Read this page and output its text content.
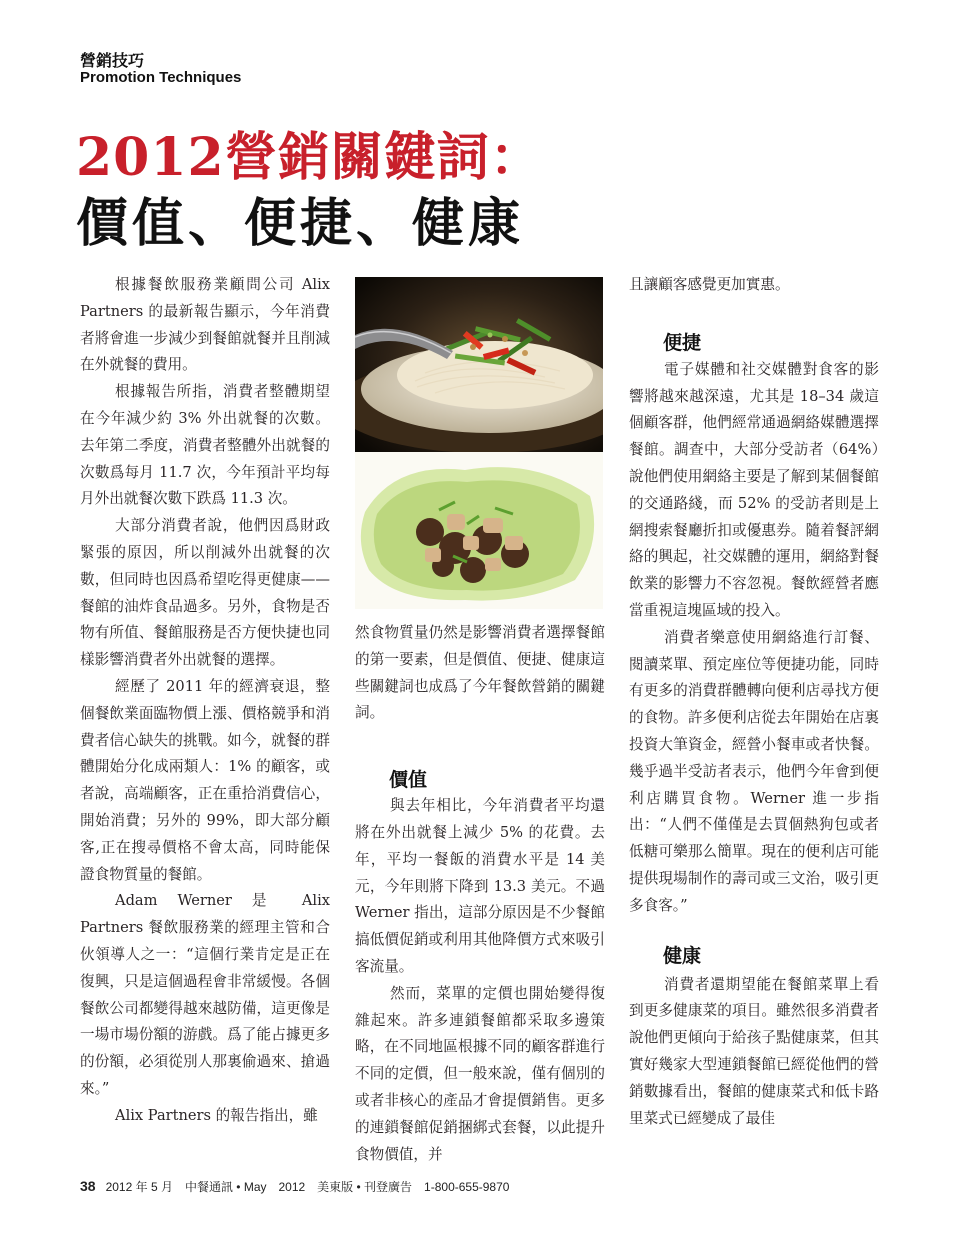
營銷技巧
Promotion Techniques
2012營銷關鍵詞：
價值、便捷、健康

根據餐飲服務業顧問公司 Alix Partners 的最新報告顯示，今年消費者將會進一步減少到餐館就餐并且削減在外就餐的費用。

根據報告所指，消費者整體期望在今年減少約 3% 外出就餐的次數。去年第二季度，消費者整體外出就餐的次數爲每月 11.7 次，今年預計平均每月外出就餐次數下跌爲 11.3 次。

大部分消費者說，他們因爲財政緊張的原因，所以削減外出就餐的次數，但同時也因爲希望吃得更健康——餐館的油炸食品過多。另外，食物是否物有所值、餐館服務是否方便快捷也同樣影響消費者外出就餐的選擇。

經歷了 2011 年的經濟衰退，整個餐飲業面臨物價上漲、價格競爭和消費者信心缺失的挑戰。如今，就餐的群體開始分化成兩類人：1% 的顧客，或者說，高端顧客，正在重拾消費信心，開始消費；另外的 99%，即大部分顧客,正在搜尋價格不會太高，同時能保證食物質量的餐館。

Adam Werner 是 Alix Partners 餐飲服務業的經理主管和合伙領導人之一：“這個行業肯定是正在復興，只是這個過程會非常緩慢。各個餐飲公司都變得越來越防備，這更像是一場市場份額的游戲。爲了能占據更多的份額，必須從別人那裏偷過來、搶過來。”

Alix Partners 的報告指出，雖

然食物質量仍然是影響消費者選擇餐館的第一要素，但是價值、便捷、健康這些關鍵詞也成爲了今年餐飲營銷的關鍵詞。

價值

與去年相比，今年消費者平均還將在外出就餐上減少 5% 的花費。去年，平均一餐飯的消費水平是 14 美元，今年則將下降到 13.3 美元。不過 Werner 指出，這部分原因是不少餐館搞低價促銷或利用其他降價方式來吸引客流量。

然而，菜單的定價也開始變得復雜起來。許多連鎖餐館都采取多邊策略，在不同地區根據不同的顧客群進行不同的定價，但一般來說，僅有個別的或者非核心的產品才會提價銷售。更多的連鎖餐館促銷捆綁式套餐，以此提升食物價值，并

且讓顧客感覺更加實惠。

便捷

電子媒體和社交媒體對食客的影響將越來越深遠，尤其是 18–34 歲這個顧客群，他們經常通過網絡媒體選擇餐館。調查中，大部分受訪者（64%）說他們使用網絡主要是了解到某個餐館的交通路綫，而 52% 的受訪者則是上網搜索餐廳折扣或優惠券。隨着餐評網絡的興起，社交媒體的運用，網絡對餐飲業的影響力不容忽視。餐飲經營者應當重視這塊區域的投入。

消費者樂意使用網絡進行訂餐、閱讀菜單、預定座位等便捷功能，同時有更多的消費群體轉向便利店尋找方便的食物。許多便利店從去年開始在店裏投資大筆資金，經營小餐車或者快餐。幾乎過半受訪者表示，他們今年會到便利店購買食物。Werner 進一步指出：“人們不僅僅是去買個熱狗包或者低糖可樂那么簡單。現在的便利店可能提供現場制作的壽司或三文治，吸引更多食客。”

健康

消費者還期望能在餐館菜單上看到更多健康菜的項目。雖然很多消費者說他們更傾向于給孩子點健康菜，但其實好幾家大型連鎖餐館已經從他們的營銷數據看出，餐館的健康菜式和低卡路里菜式已經變成了最佳

38 2012 年 5 月　中餐通訊 • May　2012　美東版 • 刊登廣告　1-800-655-9870
